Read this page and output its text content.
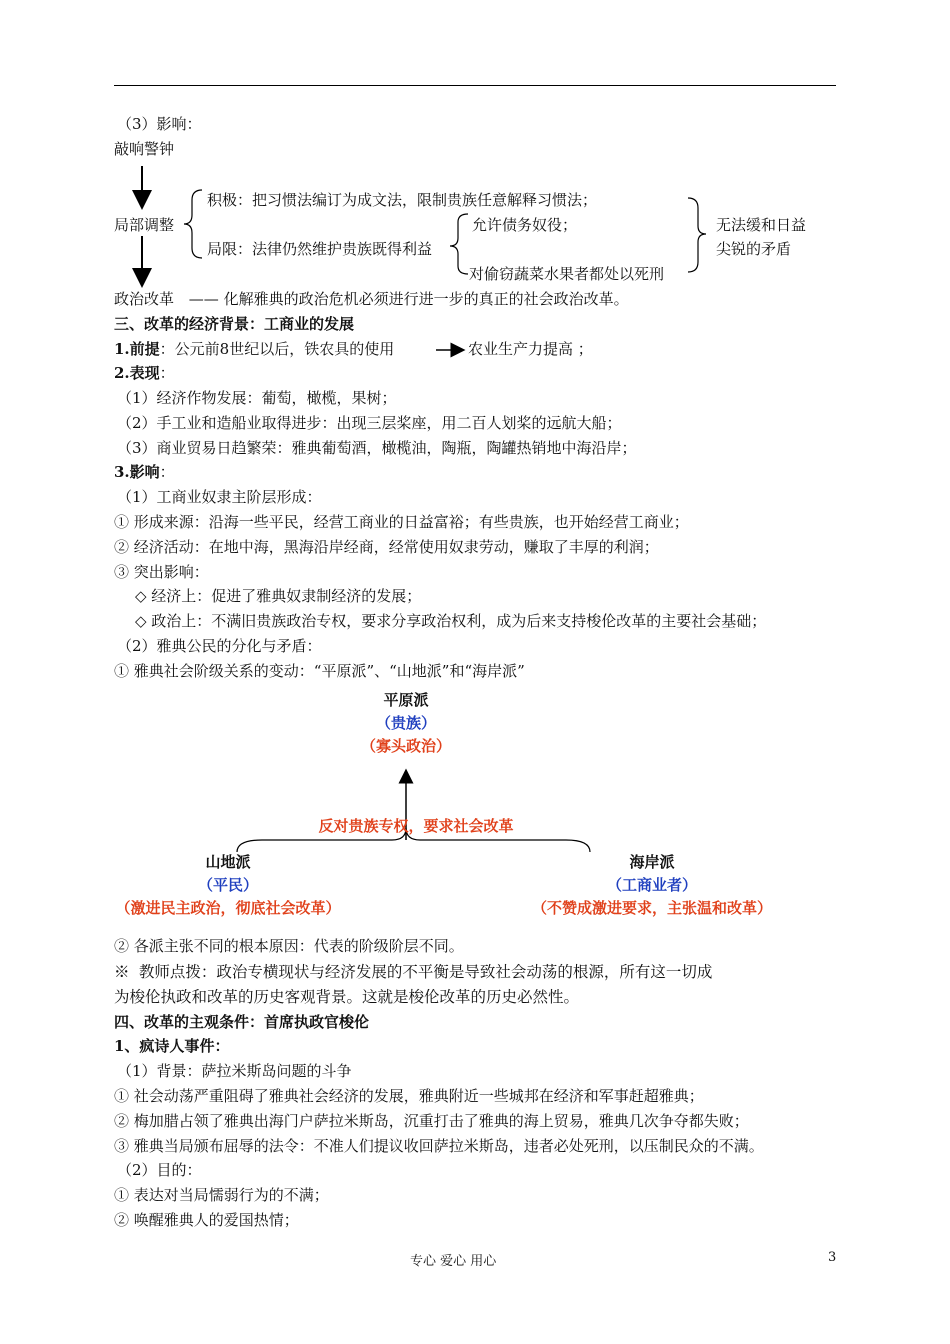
（3）影响：
敲响警钟
积极：把习惯法编订为成文法，限制贵族任意解释习惯法；
局部调整	允许债务奴役；	无法缓和日益
局限：法律仍然维护贵族既得利益	尖锐的矛盾
对偷窃蔬菜水果者都处以死刑
政治改革 —— 化解雅典的政治危机必须进行进一步的真正的社会政治改革。
三、改革的经济背景：工商业的发展
1.前提：公元前8世纪以后，铁农具的使用	农业生产力提高 ；
2.表现：
（1）经济作物发展：葡萄，橄榄，果树；
（2）手工业和造船业取得进步：出现三层桨座，用二百人划桨的远航大船；
（3）商业贸易日趋繁荣：雅典葡萄酒，橄榄油，陶瓶，陶罐热销地中海沿岸；
3.影响：
（1）工商业奴隶主阶层形成：
① 形成来源：沿海一些平民，经营工商业的日益富裕；有些贵族，也开始经营工商业；
② 经济活动：在地中海，黑海沿岸经商，经常使用奴隶劳动，赚取了丰厚的利润；
③ 突出影响：
◇ 经济上：促进了雅典奴隶制经济的发展；
◇ 政治上：不满旧贵族政治专权，要求分享政治权利，成为后来支持梭伦改革的主要社会基础；
（2）雅典公民的分化与矛盾：
① 雅典社会阶级关系的变动：“平原派”、“山地派”和“海岸派”
平原派
（贵族）
（寡头政治）
反对贵族专权，要求社会改革
山地派
（平民）
（激进民主政治，彻底社会改革）
海岸派
（工商业者）
（不赞成激进要求，主张温和改革）
② 各派主张不同的根本原因：代表的阶级阶层不同。
※ 教师点拨：政治专横现状与经济发展的不平衡是导致社会动荡的根源，所有这一切成
为梭伦执政和改革的历史客观背景。这就是梭伦改革的历史必然性。
四、改革的主观条件：首席执政官梭伦
1、疯诗人事件：
（1）背景：萨拉米斯岛问题的斗争
① 社会动荡严重阻碍了雅典社会经济的发展，雅典附近一些城邦在经济和军事赶超雅典；
② 梅加腊占领了雅典出海门户萨拉米斯岛，沉重打击了雅典的海上贸易，雅典几次争夺都失败；
③ 雅典当局颁布屈辱的法令：不准人们提议收回萨拉米斯岛，违者必处死刑，以压制民众的不满。
（2）目的：
① 表达对当局懦弱行为的不满；
② 唤醒雅典人的爱国热情；
专心 爱心 用心	3
